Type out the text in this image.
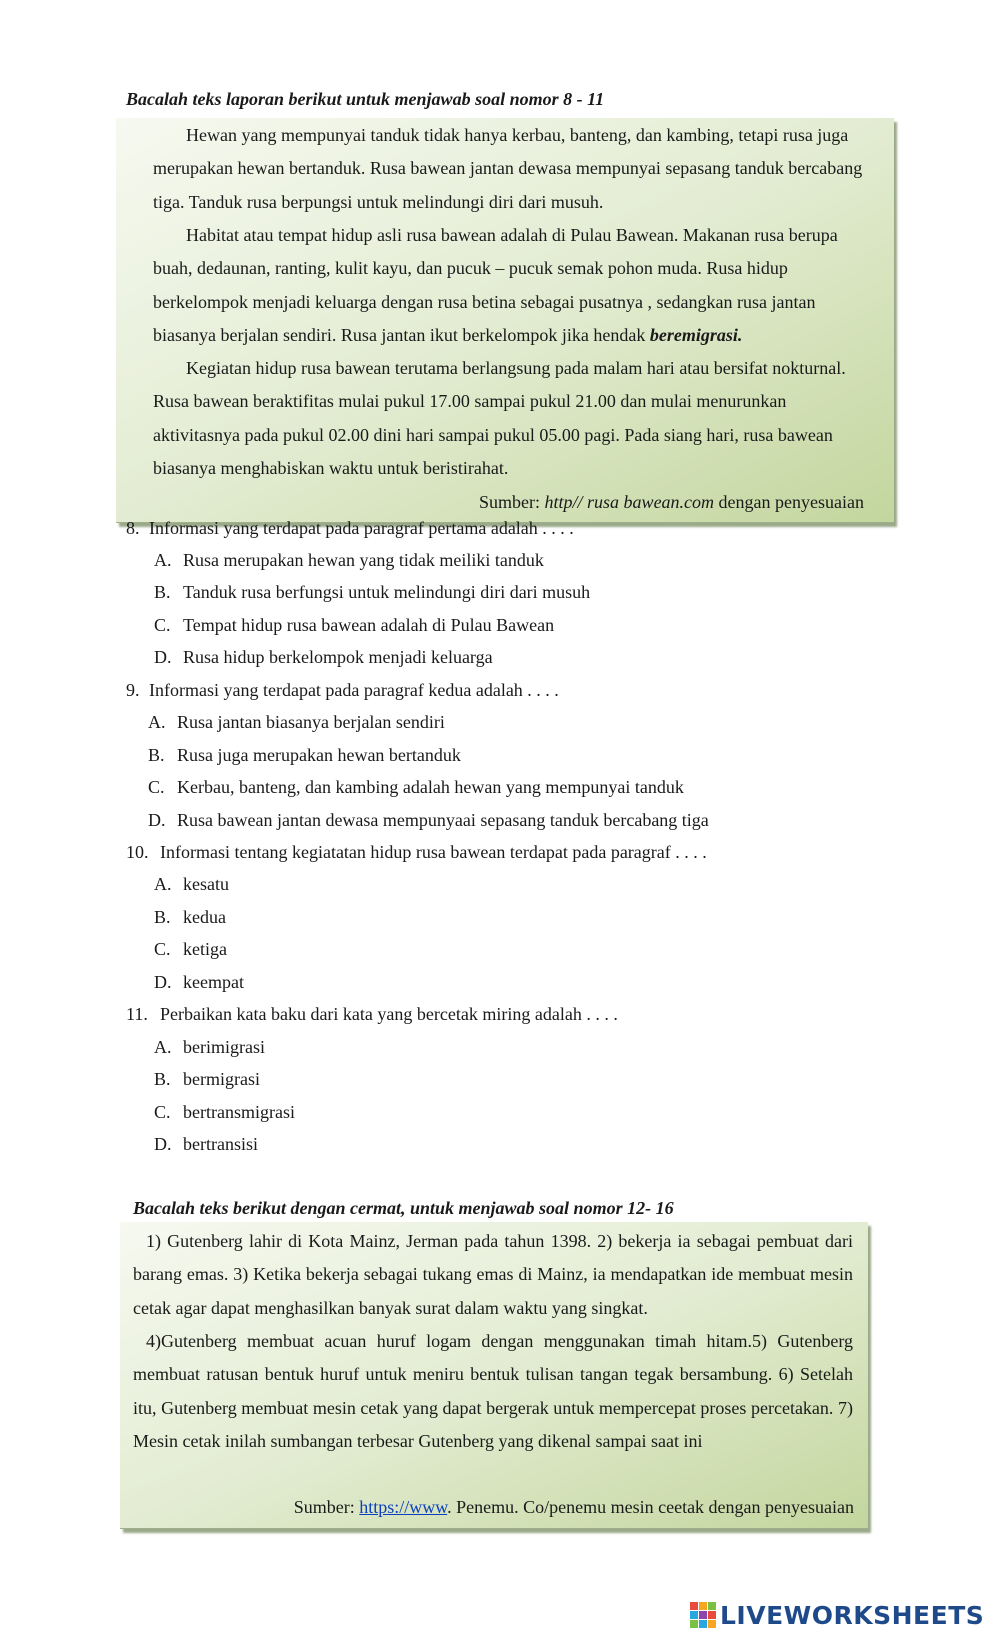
Bacalah teks laporan berikut untuk menjawab soal nomor 8 - 11
Hewan yang mempunyai tanduk tidak hanya kerbau, banteng, dan kambing, tetapi rusa juga merupakan hewan bertanduk. Rusa bawean jantan dewasa mempunyai sepasang tanduk bercabang tiga. Tanduk rusa berpungsi untuk melindungi diri dari musuh.
Habitat atau tempat hidup asli rusa bawean adalah di Pulau Bawean. Makanan rusa berupa buah, dedaunan, ranting, kulit kayu, dan pucuk – pucuk semak pohon muda. Rusa hidup berkelompok menjadi keluarga dengan rusa betina sebagai pusatnya , sedangkan rusa jantan biasanya berjalan sendiri. Rusa jantan ikut berkelompok jika hendak beremigrasi.
Kegiatan hidup rusa bawean terutama berlangsung pada malam hari atau bersifat nokturnal. Rusa bawean beraktifitas mulai pukul 17.00 sampai pukul 21.00 dan mulai menurunkan aktivitasnya pada pukul 02.00 dini hari sampai pukul 05.00 pagi. Pada siang hari, rusa bawean biasanya menghabiskan waktu untuk beristirahat.
Sumber: http// rusa bawean.com dengan penyesuaian
8. Informasi yang terdapat pada paragraf pertama adalah . . . .
A. Rusa merupakan hewan yang tidak meiliki tanduk
B. Tanduk rusa berfungsi untuk melindungi diri dari musuh
C. Tempat hidup rusa bawean adalah di Pulau Bawean
D. Rusa hidup berkelompok menjadi keluarga
9. Informasi yang terdapat pada paragraf kedua adalah . . . .
A. Rusa jantan biasanya berjalan sendiri
B. Rusa juga merupakan hewan bertanduk
C. Kerbau, banteng, dan kambing adalah hewan yang mempunyai tanduk
D. Rusa bawean jantan dewasa mempunyaai sepasang tanduk bercabang tiga
10. Informasi tentang kegiatatan hidup rusa bawean terdapat pada paragraf . . . .
A. kesatu
B. kedua
C. ketiga
D. keempat
11. Perbaikan kata baku dari kata yang bercetak miring adalah . . . .
A. berimigrasi
B. bermigrasi
C. bertransmigrasi
D. bertransisi
Bacalah teks berikut dengan cermat, untuk menjawab soal nomor 12- 16
1) Gutenberg lahir di Kota Mainz, Jerman pada tahun 1398. 2) bekerja ia sebagai pembuat dari barang emas. 3) Ketika bekerja sebagai tukang emas di Mainz, ia mendapatkan ide membuat mesin cetak agar dapat menghasilkan banyak surat dalam waktu yang singkat.
4)Gutenberg membuat acuan huruf logam dengan menggunakan timah hitam.5) Gutenberg membuat ratusan bentuk huruf untuk meniru bentuk tulisan tangan tegak bersambung. 6) Setelah itu, Gutenberg membuat mesin cetak yang dapat bergerak untuk mempercepat proses percetakan. 7) Mesin cetak inilah sumbangan terbesar Gutenberg yang dikenal sampai saat ini
Sumber: https://www. Penemu. Co/penemu mesin ceetak dengan penyesuaian
LIVEWORKSHEETS
